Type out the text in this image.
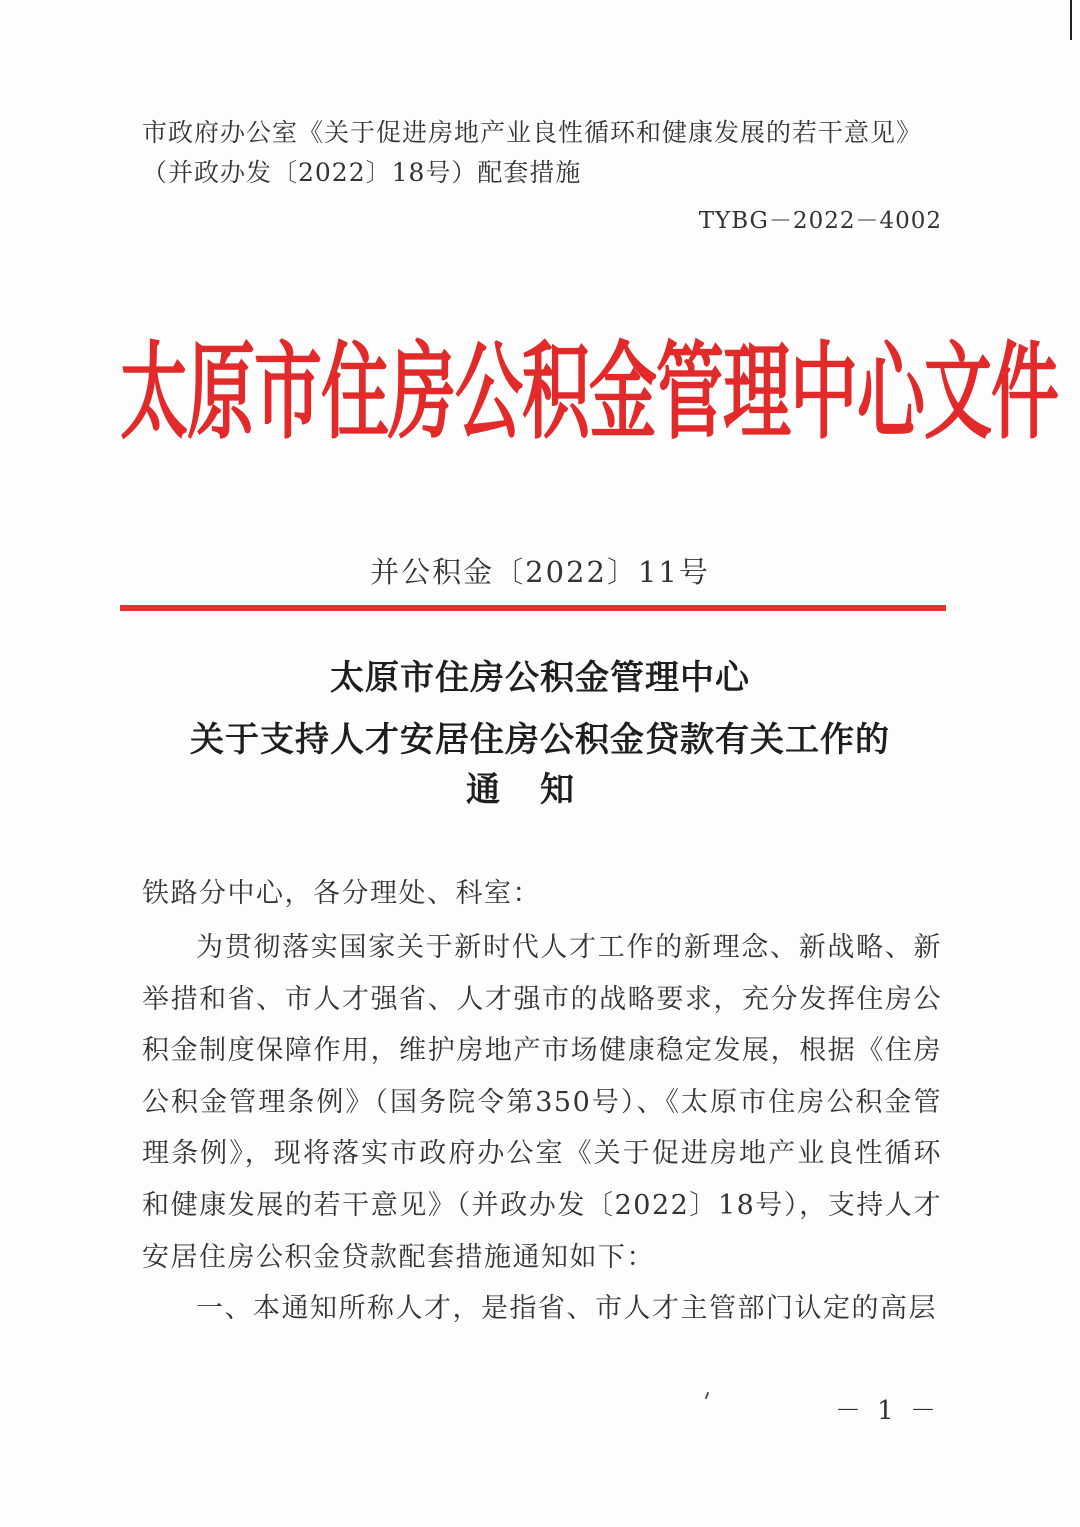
市政府办公室《关于促进房地产业良性循环和健康发展的若干意见》（并政办发〔2022〕18号）配套措施
TYBG－2022－4002
太原市住房公积金管理中心文件
并公积金〔2022〕11号
太原市住房公积金管理中心
关于支持人才安居住房公积金贷款有关工作的
通知
铁路分中心，各分理处、科室：
为贯彻落实国家关于新时代人才工作的新理念、新战略、新举措和省、市人才强省、人才强市的战略要求，充分发挥住房公积金制度保障作用，维护房地产市场健康稳定发展，根据《住房公积金管理条例》（国务院令第350号）、《太原市住房公积金管理条例》，现将落实市政府办公室《关于促进房地产业良性循环和健康发展的若干意见》（并政办发〔2022〕18号），支持人才安居住房公积金贷款配套措施通知如下：
一、本通知所称人才，是指省、市人才主管部门认定的高层
－ 1 －
